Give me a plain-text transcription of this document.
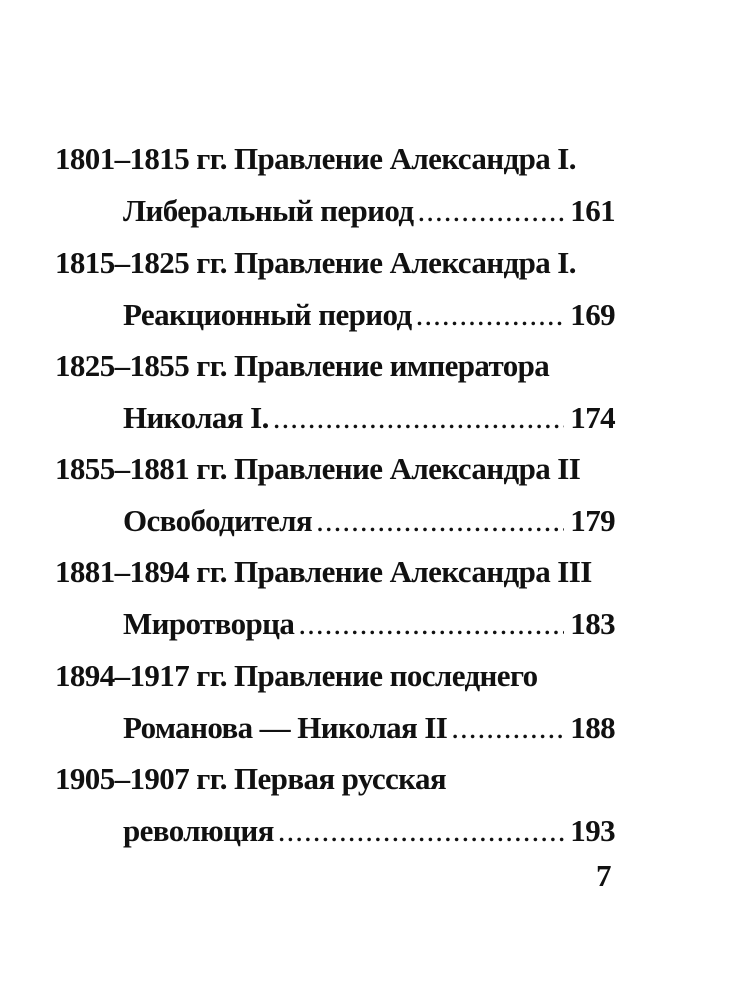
1801–1815 гг. Правление Александра I.
Либеральный период .....	161
1815–1825 гг. Правление Александра I.
Реакционный период .....	169
1825–1855 гг. Правление императора
Николая I. .....	174
1855–1881 гг. Правление Александра II
Освободителя .....	179
1881–1894 гг. Правление Александра III
Миротворца .....	183
1894–1917 гг. Правление последнего
Романова — Николая II .....	188
1905–1907 гг. Первая русская
революция .....	193
7
